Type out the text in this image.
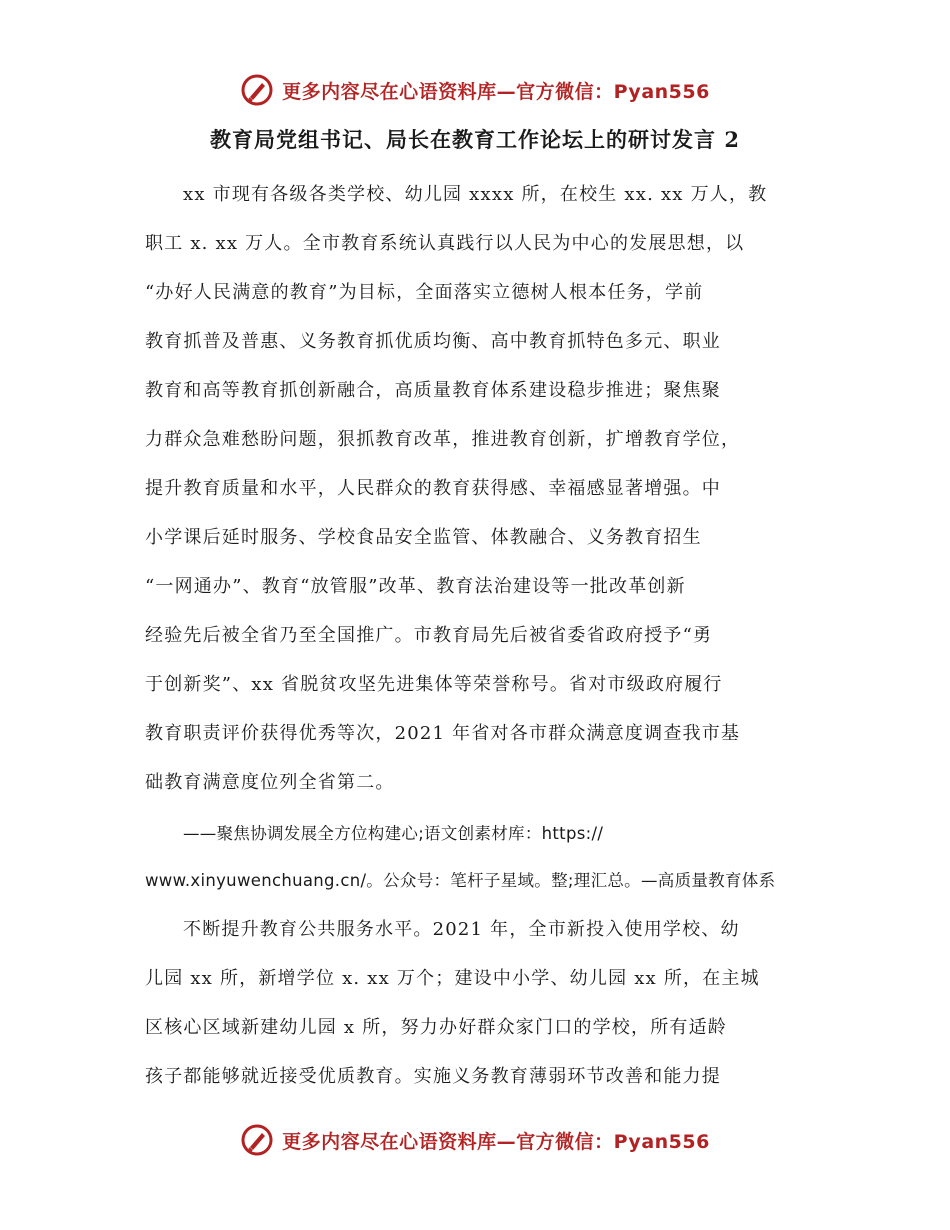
更多内容尽在心语资料库—官方微信：Pyan556
教育局党组书记、局长在教育工作论坛上的研讨发言 2
xx 市现有各级各类学校、幼儿园 xxxx 所，在校生 xx. xx 万人，教
职工 x. xx 万人。全市教育系统认真践行以人民为中心的发展思想，以
“办好人民满意的教育”为目标，全面落实立德树人根本任务，学前
教育抓普及普惠、义务教育抓优质均衡、高中教育抓特色多元、职业
教育和高等教育抓创新融合，高质量教育体系建设稳步推进；聚焦聚
力群众急难愁盼问题，狠抓教育改革，推进教育创新，扩增教育学位，
提升教育质量和水平，人民群众的教育获得感、幸福感显著增强。中
小学课后延时服务、学校食品安全监管、体教融合、义务教育招生
“一网通办”、教育“放管服”改革、教育法治建设等一批改革创新
经验先后被全省乃至全国推广。市教育局先后被省委省政府授予“勇
于创新奖”、xx 省脱贫攻坚先进集体等荣誉称号。省对市级政府履行
教育职责评价获得优秀等次，2021 年省对各市群众满意度调查我市基
础教育满意度位列全省第二。
——聚焦协调发展全方位构建心;语文创素材库：https://
www.xinyuwenchuang.cn/。公众号：笔杆子星域。整;理汇总。—高质量教育体系
不断提升教育公共服务水平。2021 年，全市新投入使用学校、幼
儿园 xx 所，新增学位 x. xx 万个；建设中小学、幼儿园 xx 所，在主城
区核心区域新建幼儿园 x 所，努力办好群众家门口的学校，所有适龄
孩子都能够就近接受优质教育。实施义务教育薄弱环节改善和能力提
更多内容尽在心语资料库—官方微信：Pyan556
